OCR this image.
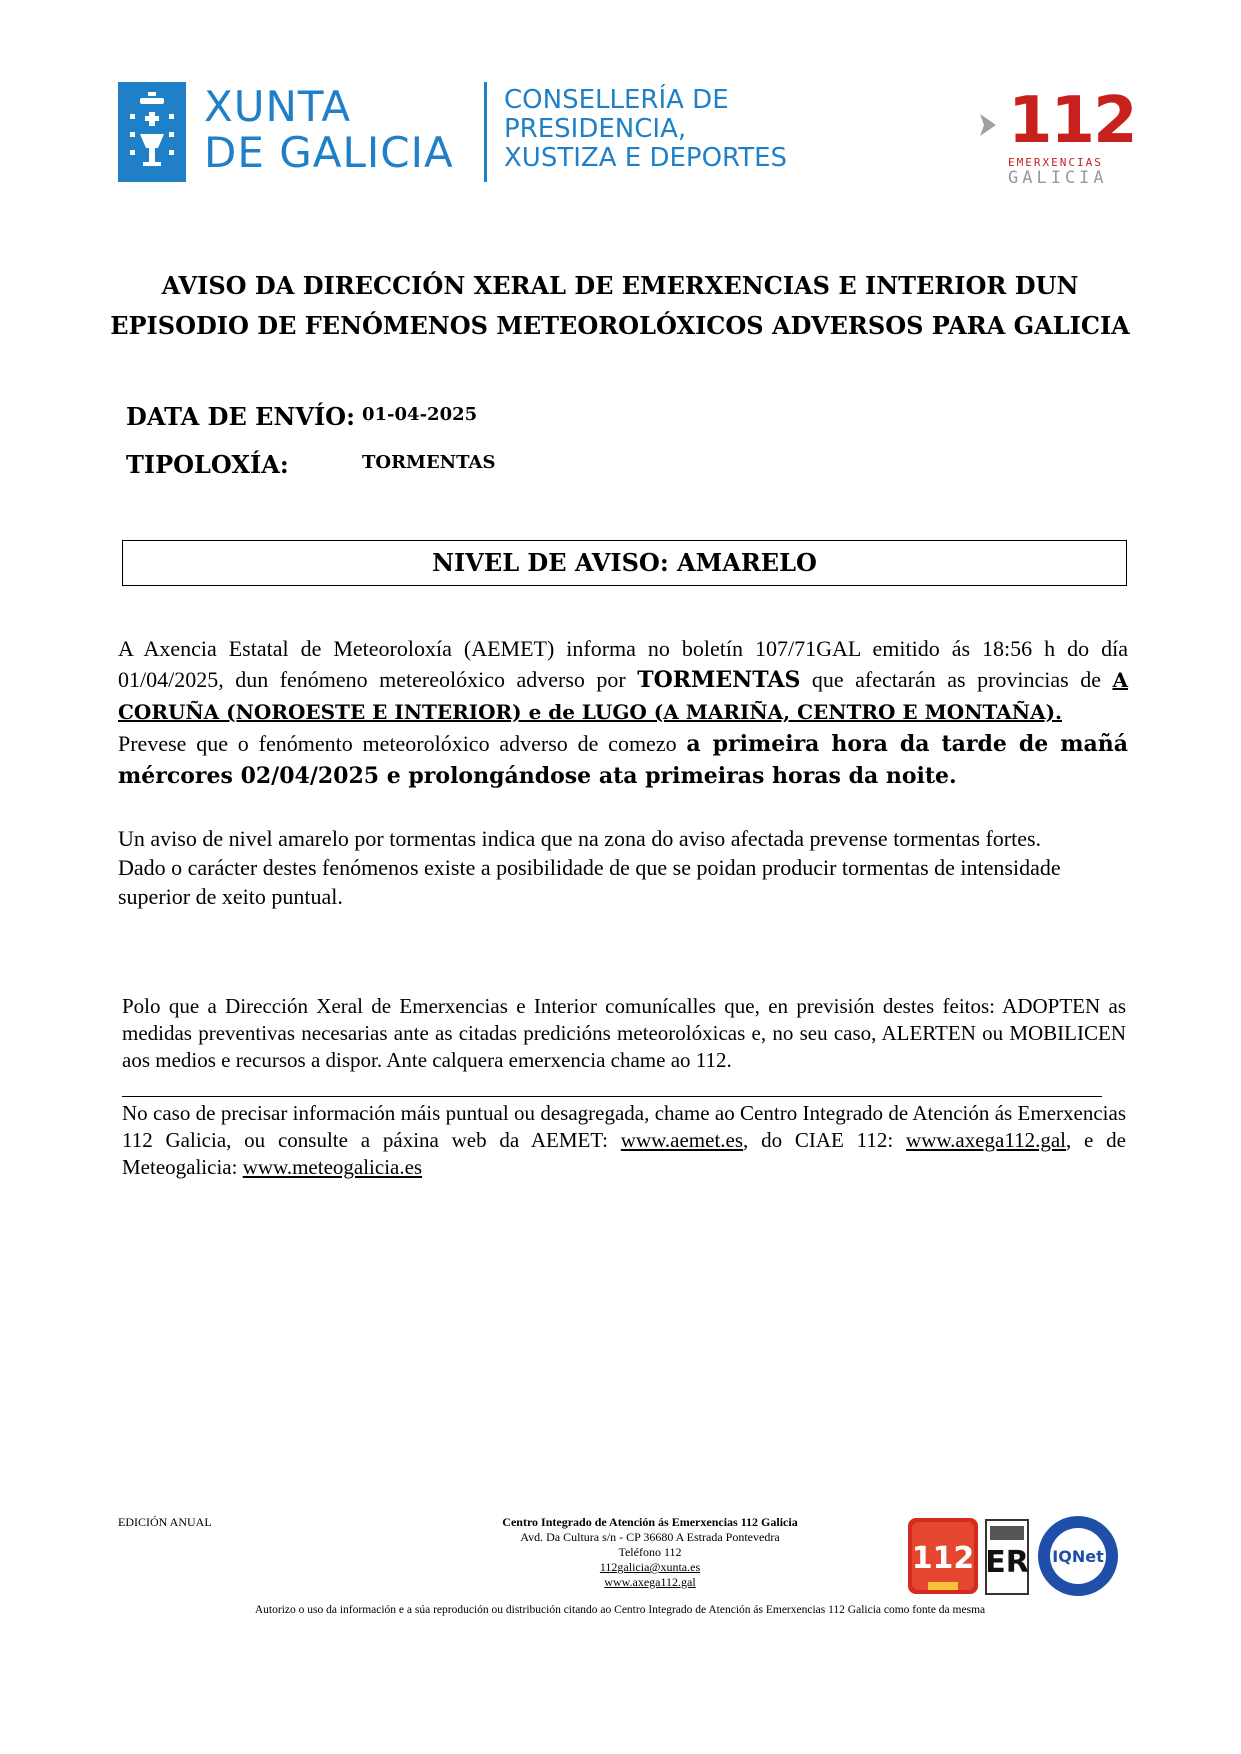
XUNTA
DE GALICIA
CONSELLERÍA DE
PRESIDENCIA,
XUSTIZA E DEPORTES	112
EMERXENCIAS
GALICIA
AVISO DA DIRECCIÓN XERAL DE EMERXENCIAS E INTERIOR DUN
EPISODIO DE FENÓMENOS METEOROLÓXICOS ADVERSOS PARA GALICIA
DATA DE ENVÍO: 01-04-2025
TIPOLOXÍA:	TORMENTAS
NIVEL DE AVISO: AMARELO
A Axencia Estatal de Meteoroloxía (AEMET) informa no boletín 107/71GAL emitido ás 18:56 h do día 01/04/2025, dun fenómeno metereolóxico adverso por TORMENTAS que afectarán as provincias de A CORUÑA (NOROESTE E INTERIOR) e de LUGO (A MARIÑA, CENTRO E MONTAÑA).
Prevese que o fenómento meteorolóxico adverso de comezo a primeira hora da tarde de mañá mércores 02/04/2025 e prolongándose ata primeiras horas da noite.
Un aviso de nivel amarelo por tormentas indica que na zona do aviso afectada prevense tormentas fortes.
Dado o carácter destes fenómenos existe a posibilidade de que se poidan producir tormentas de intensidade superior de xeito puntual.
Polo que a Dirección Xeral de Emerxencias e Interior comunícalles que, en previsión destes feitos: ADOPTEN as medidas preventivas necesarias ante as citadas predicións meteorolóxicas e, no seu caso, ALERTEN ou MOBILICEN aos medios e recursos a dispor. Ante calquera emerxencia chame ao 112.
No caso de precisar información máis puntual ou desagregada, chame ao Centro Integrado de Atención ás Emerxencias 112 Galicia, ou consulte a páxina web da AEMET: www.aemet.es, do CIAE 112: www.axega112.gal, e de Meteogalicia: www.meteogalicia.es
EDICIÓN ANUAL	Centro Integrado de Atención ás Emerxencias 112 Galicia
Avd. Da Cultura s/n - CP 36680 A Estrada Pontevedra
Teléfono 112
112galicia@xunta.es
www.axega112.gal
112 ER IQNet
Autorizo o uso da información e a súa reprodución ou distribución citando ao Centro Integrado de Atención ás Emerxencias 112 Galicia como fonte da mesma
